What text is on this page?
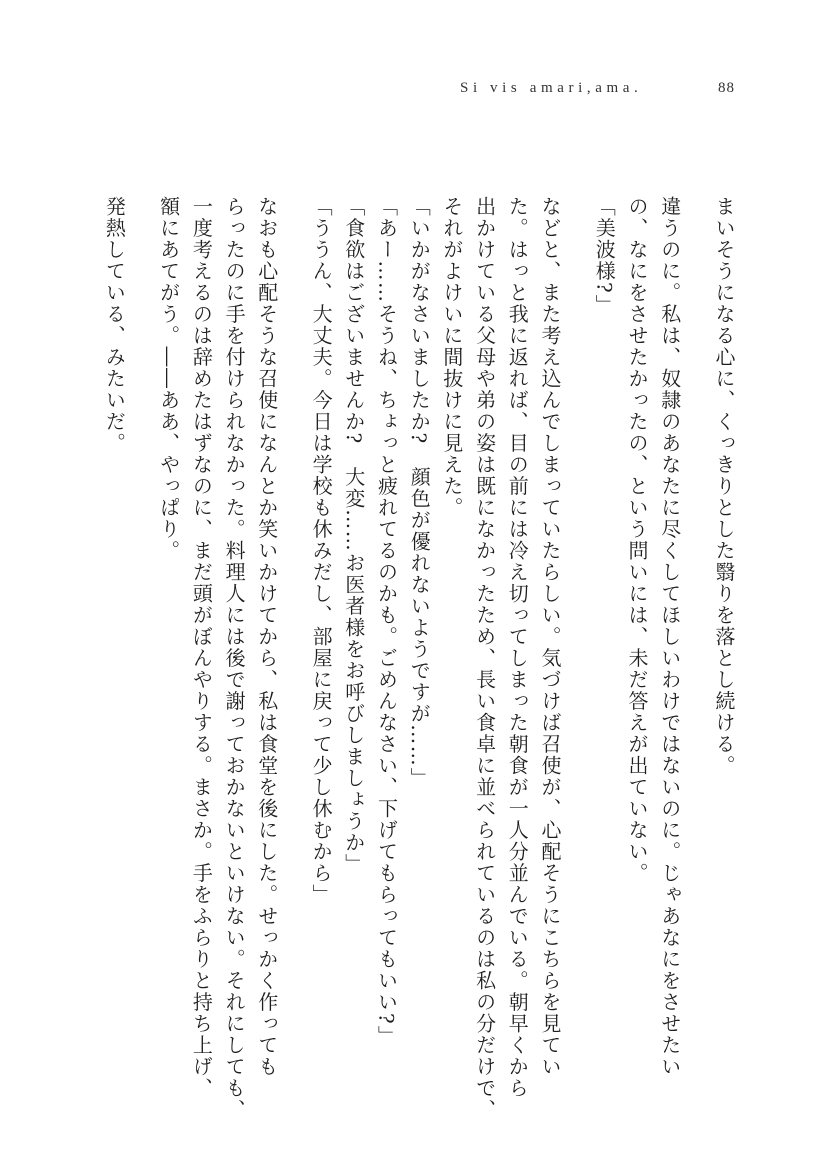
Si vis amari,ama.	88
まいそうになる心に、くっきりとした翳りを落とし続ける。
違うのに。私は、奴隷のあなたに尽くしてほしいわけではないのに。じゃあなにをさせたい
の、なにをさせたかったの、という問いには、未だ答えが出ていない。
「美波様?」
などと、また考え込んでしまっていたらしい。気づけば召使が、心配そうにこちらを見てい
た。はっと我に返れば、目の前には冷え切ってしまった朝食が一人分並んでいる。朝早くから
出かけている父母や弟の姿は既になかったため、長い食卓に並べられているのは私の分だけで、
それがよけいに間抜けに見えた。
「いかがなさいましたか?　顔色が優れないようですが……」
「あー……そうね、ちょっと疲れてるのかも。ごめんなさい、下げてもらってもいい?」
「食欲はございませんか?　大変……お医者様をお呼びしましょうか」
「ううん、大丈夫。今日は学校も休みだし、部屋に戻って少し休むから」
なおも心配そうな召使になんとか笑いかけてから、私は食堂を後にした。せっかく作っても
らったのに手を付けられなかった。料理人には後で謝っておかないといけない。それにしても、
一度考えるのは辞めたはずなのに、まだ頭がぼんやりする。まさか。手をふらりと持ち上げ、
額にあてがう。――ああ、やっぱり。
発熱している、みたいだ。
